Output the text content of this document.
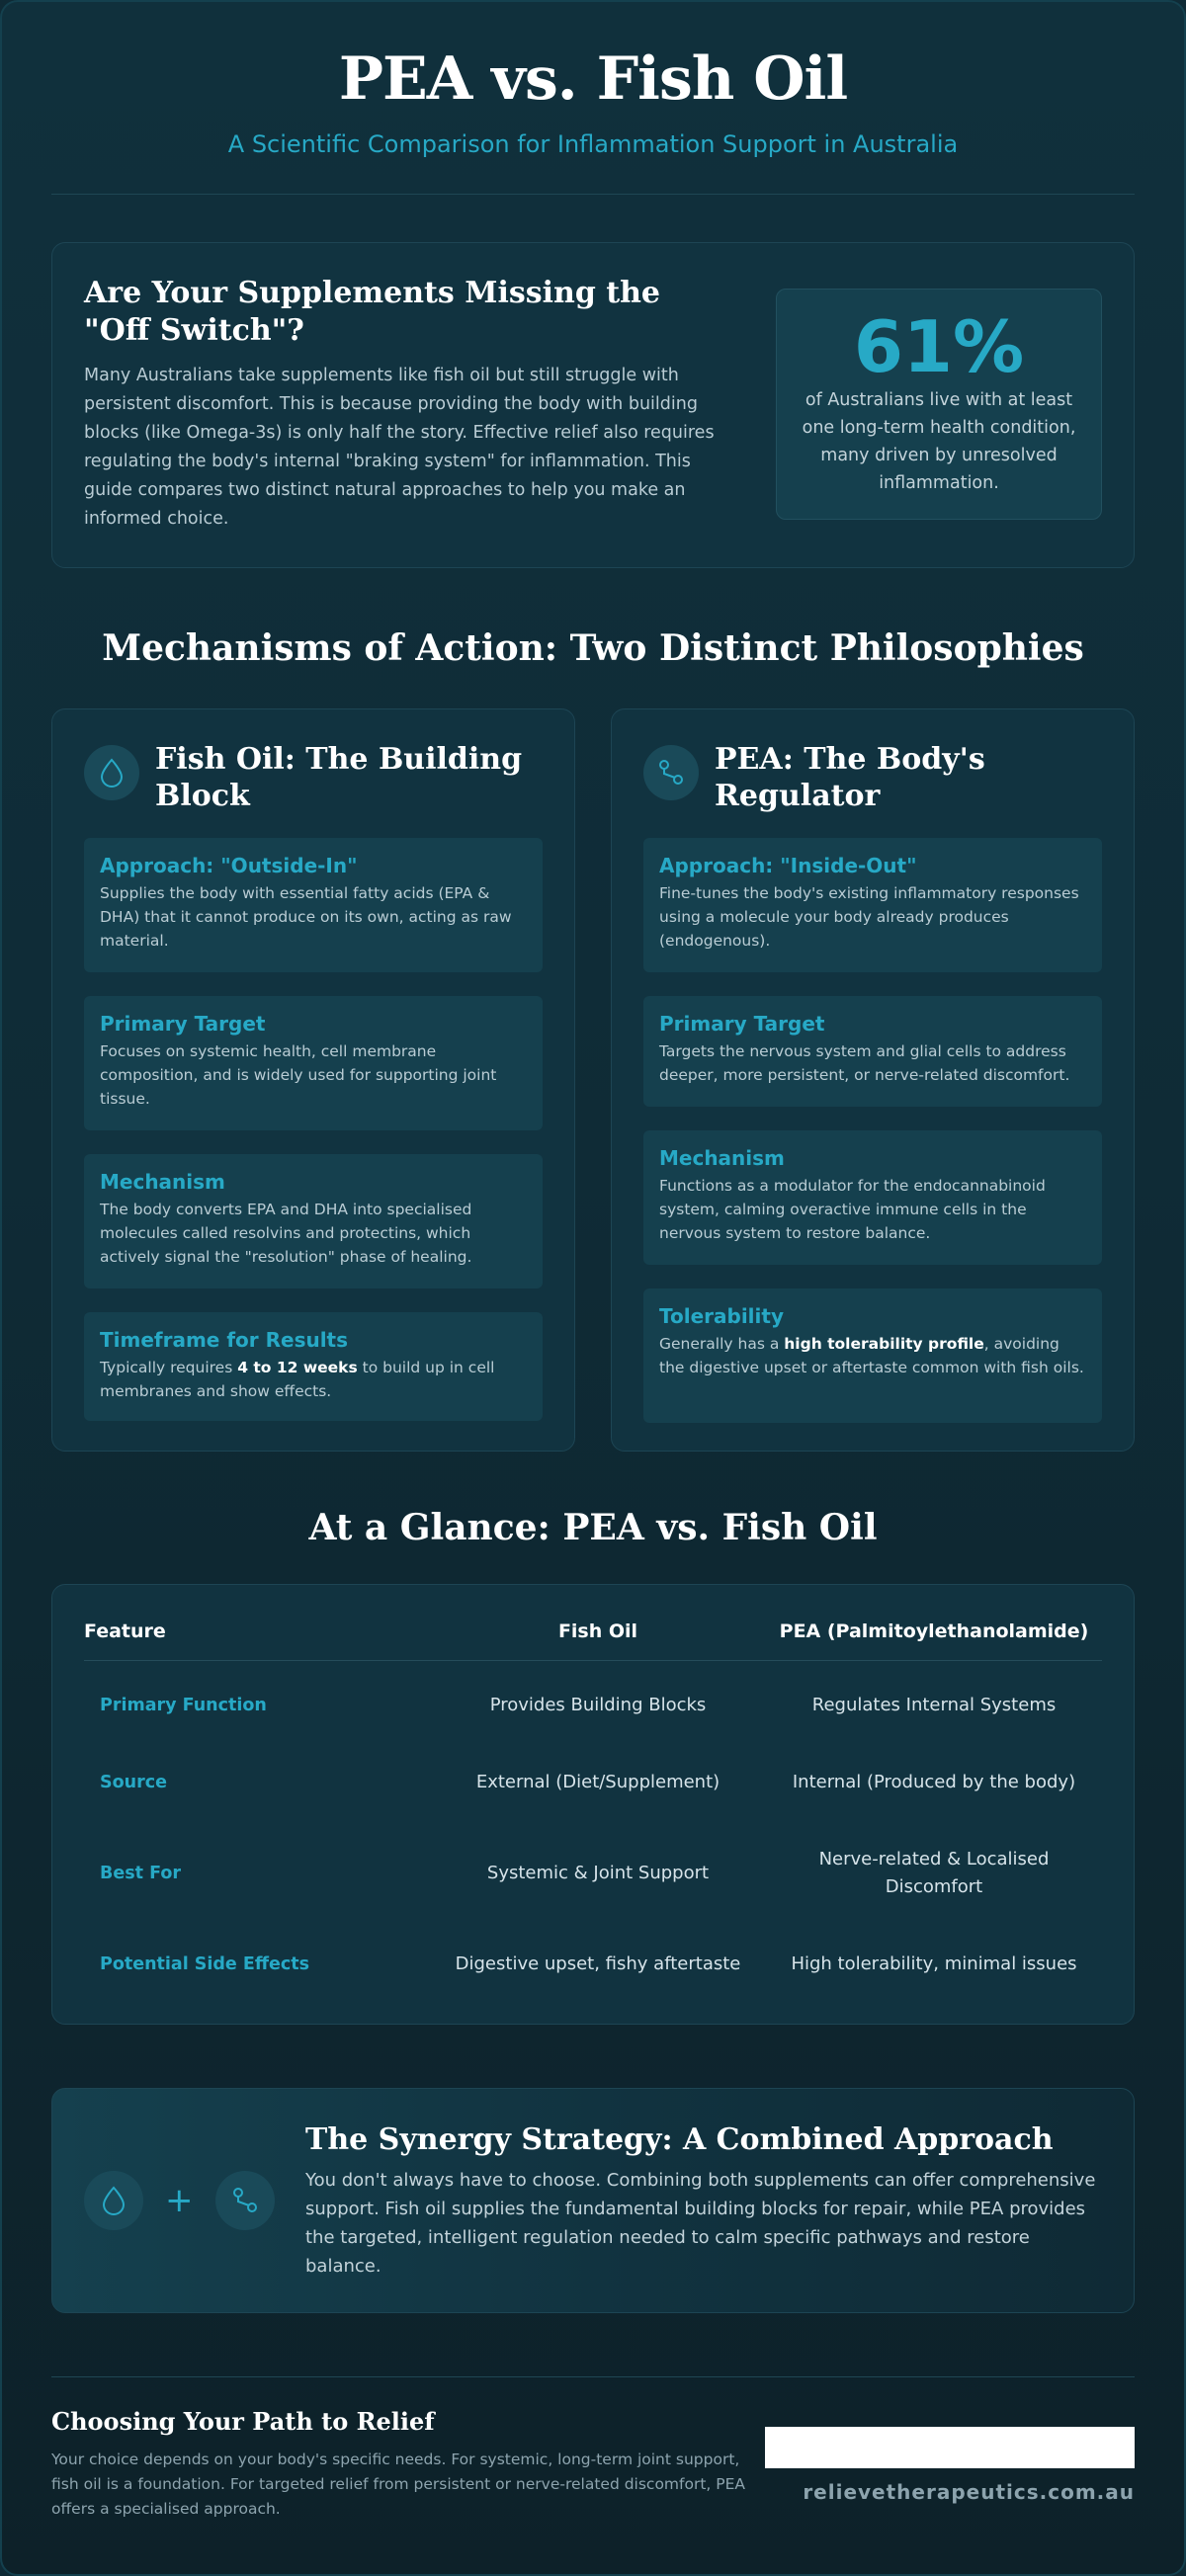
PEA vs. Fish Oil
A Scientific Comparison for Inflammation Support in Australia
Are Your Supplements Missing the "Off Switch"?
Many Australians take supplements like fish oil but still struggle with persistent discomfort. This is because providing the body with building blocks (like Omega-3s) is only half the story. Effective relief also requires regulating the body's internal "braking system" for inflammation. This guide compares two distinct natural approaches to help you make an informed choice.
61%
of Australians live with at least one long-term health condition, many driven by unresolved inflammation.
Mechanisms of Action: Two Distinct Philosophies
Fish Oil: The Building Block
Approach: "Outside-In"
Supplies the body with essential fatty acids (EPA & DHA) that it cannot produce on its own, acting as raw material.
Primary Target
Focuses on systemic health, cell membrane composition, and is widely used for supporting joint tissue.
Mechanism
The body converts EPA and DHA into specialised molecules called resolvins and protectins, which actively signal the "resolution" phase of healing.
Timeframe for Results
Typically requires 4 to 12 weeks to build up in cell membranes and show effects.
PEA: The Body's Regulator
Approach: "Inside-Out"
Fine-tunes the body's existing inflammatory responses using a molecule your body already produces (endogenous).
Primary Target
Targets the nervous system and glial cells to address deeper, more persistent, or nerve-related discomfort.
Mechanism
Functions as a modulator for the endocannabinoid system, calming overactive immune cells in the nervous system to restore balance.
Tolerability
Generally has a high tolerability profile, avoiding the digestive upset or aftertaste common with fish oils.
At a Glance: PEA vs. Fish Oil
Feature	Fish Oil	PEA (Palmitoylethanolamide)
Primary Function	Provides Building Blocks	Regulates Internal Systems
Source	External (Diet/Supplement)	Internal (Produced by the body)
Best For	Systemic & Joint Support	Nerve-related & Localised Discomfort
Potential Side Effects	Digestive upset, fishy aftertaste	High tolerability, minimal issues
+
The Synergy Strategy: A Combined Approach
You don't always have to choose. Combining both supplements can offer comprehensive support. Fish oil supplies the fundamental building blocks for repair, while PEA provides the targeted, intelligent regulation needed to calm specific pathways and restore balance.
Choosing Your Path to Relief
Your choice depends on your body's specific needs. For systemic, long-term joint support, fish oil is a foundation. For targeted relief from persistent or nerve-related discomfort, PEA offers a specialised approach.
relievetherapeutics.com.au
